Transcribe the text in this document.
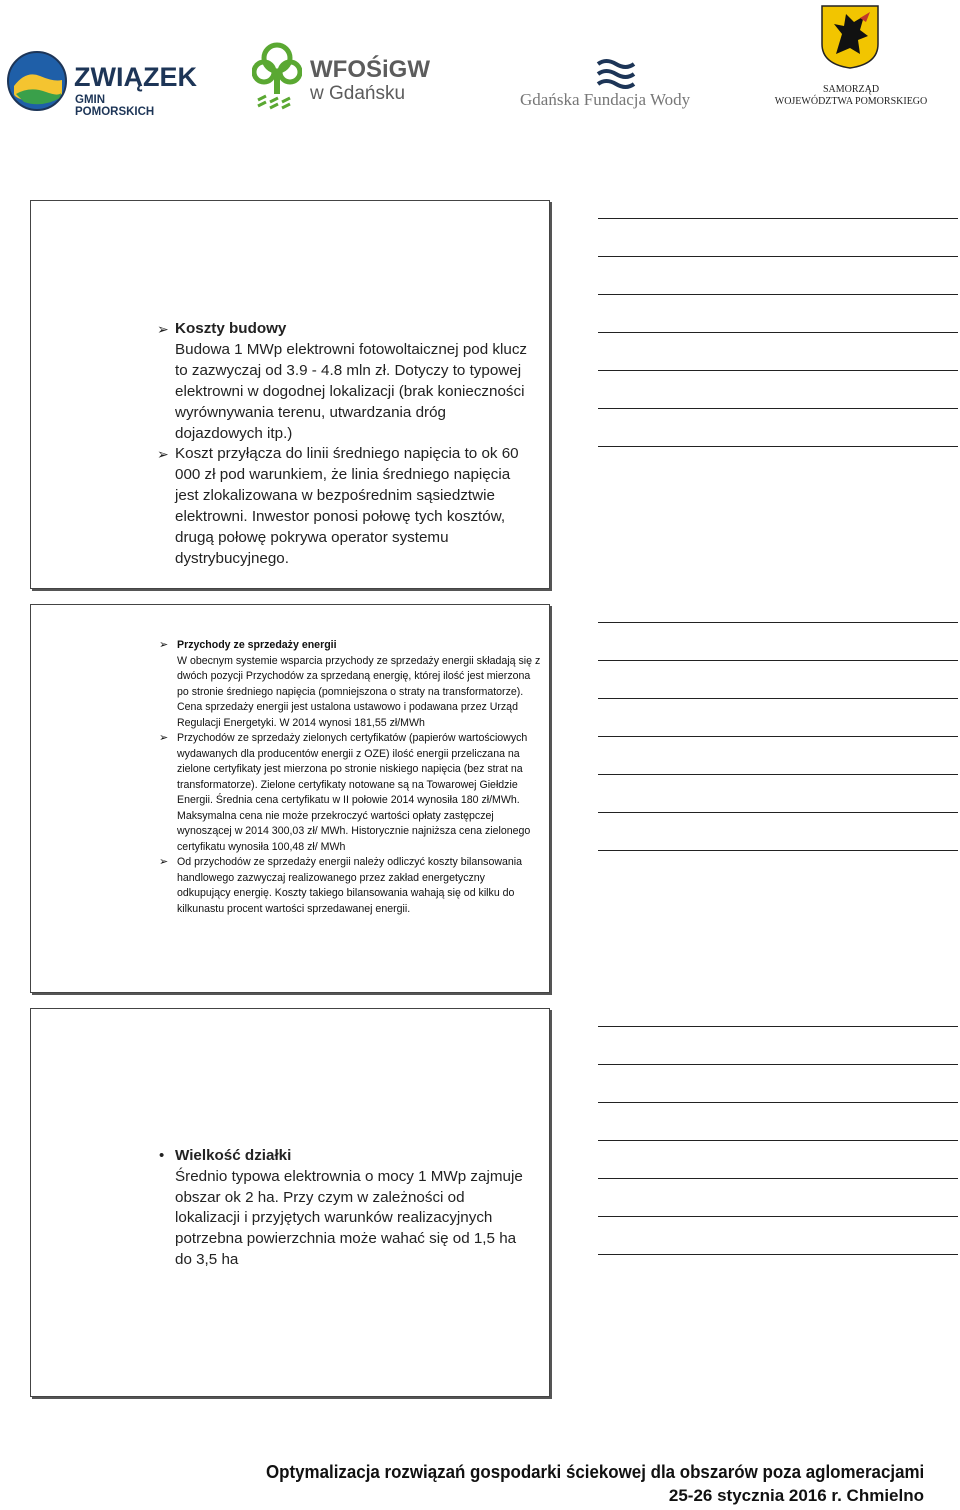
ZWIĄZEK
GMIN POMORSKICH
WFOŚiGW
w Gdańsku	Gdańska Fundacja Wody
SAMORZĄD
WOJEWÓDZTWA POMORSKIEGO
➢ Koszty budowy
Budowa 1 MWp elektrowni fotowoltaicznej pod klucz to zazwyczaj od 3.9 - 4.8 mln zł. Dotyczy to typowej elektrowni w dogodnej lokalizacji (brak konieczności wyrównywania terenu, utwardzania dróg dojazdowych itp.)
➢ Koszt przyłącza do linii średniego napięcia to ok 60 000 zł pod warunkiem, że linia średniego napięcia jest zlokalizowana w bezpośrednim sąsiedztwie elektrowni. Inwestor ponosi połowę tych kosztów, drugą połowę pokrywa operator systemu dystrybucyjnego.
➢ Przychody ze sprzedaży energii
W obecnym systemie wsparcia przychody ze sprzedaży energii składają się z dwóch pozycji Przychodów za sprzedaną energię, której ilość jest mierzona po stronie średniego napięcia (pomniejszona o straty na transformatorze). Cena sprzedaży energii jest ustalona ustawowo i podawana przez Urząd Regulacji Energetyki. W 2014 wynosi 181,55 zł/MWh
➢ Przychodów ze sprzedaży zielonych certyfikatów (papierów wartościowych wydawanych dla producentów energii z OZE) ilość energii przeliczana na zielone certyfikaty jest mierzona po stronie niskiego napięcia (bez strat na transformatorze). Zielone certyfikaty notowane są na Towarowej Giełdzie Energii. Średnia cena certyfikatu w II połowie 2014 wynosiła 180 zł/MWh. Maksymalna cena nie może przekroczyć wartości opłaty zastępczej wynoszącej w 2014 300,03 zł/ MWh. Historycznie najniższa cena zielonego certyfikatu wynosiła 100,48 zł/ MWh
➢ Od przychodów ze sprzedaży energii należy odliczyć koszty bilansowania handlowego zazwyczaj realizowanego przez zakład energetyczny odkupujący energię. Koszty takiego bilansowania wahają się od kilku do kilkunastu procent wartości sprzedawanej energii.
• Wielkość działki
Średnio typowa elektrownia o mocy 1 MWp zajmuje obszar ok 2 ha. Przy czym w zależności od lokalizacji i przyjętych warunków realizacyjnych potrzebna powierzchnia może wahać się od 1,5 ha do 3,5 ha
Optymalizacja rozwiązań gospodarki ściekowej dla obszarów poza aglomeracjami
25-26 stycznia 2016 r. Chmielno
